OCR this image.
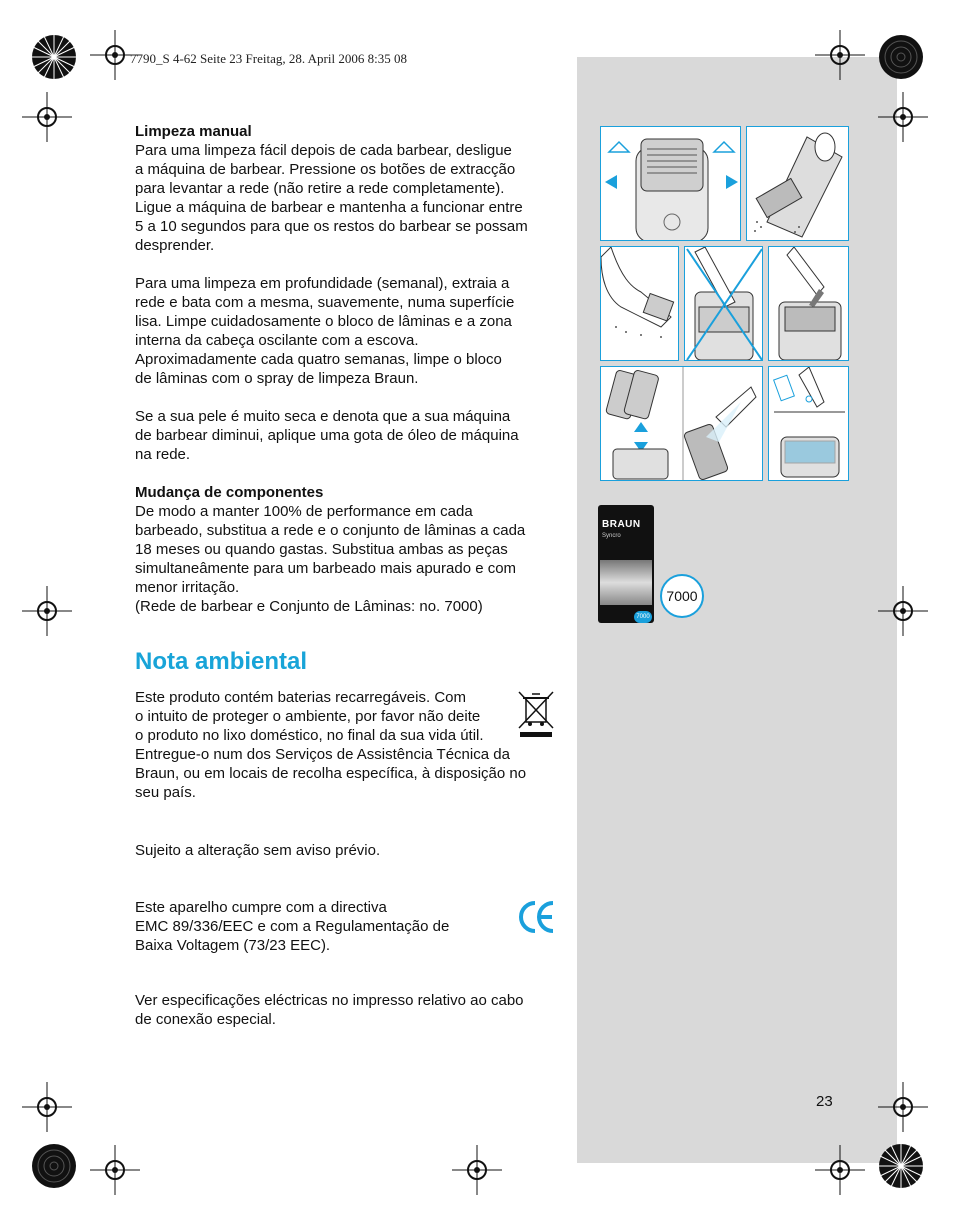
7790_S 4-62 Seite 23 Freitag, 28. April 2006 8:35 08

Limpeza manual

Para uma limpeza fácil depois de cada barbear, desligue

a máquina de barbear. Pressione os botões de extracção

para levantar a rede (não retire a rede completamente).

Ligue a máquina de barbear e mantenha a funcionar entre

5 a 10 segundos para que os restos do barbear se possam

desprender.

Para uma limpeza em profundidade (semanal), extraia a

rede e bata com a mesma, suavemente, numa superfície

lisa. Limpe cuidadosamente o bloco de lâminas e a zona

interna da cabeça oscilante com a escova.

Aproximadamente cada quatro semanas, limpe o bloco

de lâminas com o spray de limpeza Braun.

Se a sua pele é muito seca e denota que a sua máquina

de barbear diminui, aplique uma gota de óleo de máquina

na rede.

Mudança de componentes

De modo a manter 100% de performance em cada

barbeado, substitua a rede e o conjunto de lâminas a cada

18 meses ou quando gastas. Substitua ambas as peças

simultaneâmente para um barbeado mais apurado e com

menor irritação.

(Rede de barbear e Conjunto de Lâminas: no. 7000)

Nota ambiental

Este produto contém baterias recarregáveis. Com

o intuito de proteger o ambiente, por favor não deite

o produto no lixo doméstico, no final da sua vida útil.

Entregue-o num dos Serviços de Assistência Técnica da

Braun, ou em locais de recolha específica, à disposição no

seu país.

Sujeito a alteração sem aviso prévio.

Este aparelho cumpre com a directiva

EMC 89/336/EEC e com a Regulamentação de

Baixa Voltagem (73/23 EEC).

Ver especificações eléctricas no impresso relativo ao cabo

de conexão especial.

BRAUN
Syncro
7000
7000
23
